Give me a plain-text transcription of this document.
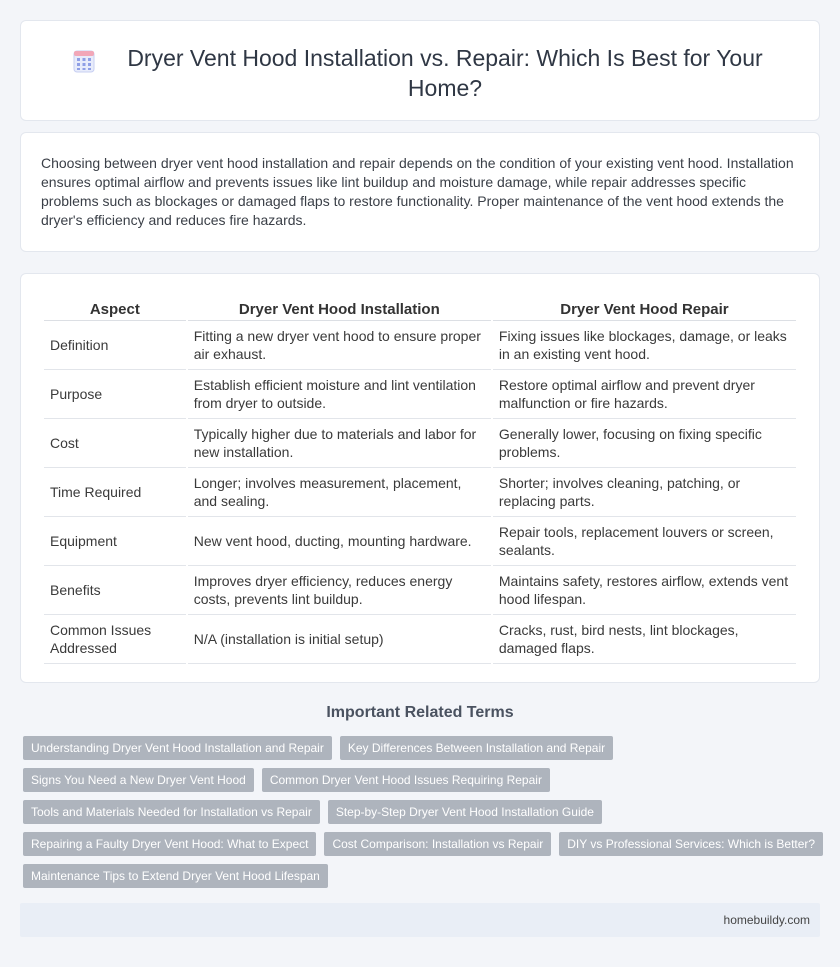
Dryer Vent Hood Installation vs. Repair: Which Is Best for Your Home?

Choosing between dryer vent hood installation and repair depends on the condition of your existing vent hood. Installation ensures optimal airflow and prevents issues like lint buildup and moisture damage, while repair addresses specific problems such as blockages or damaged flaps to restore functionality. Proper maintenance of the vent hood extends the dryer's efficiency and reduces fire hazards.

Aspect	Dryer Vent Hood Installation	Dryer Vent Hood Repair
Definition	Fitting a new dryer vent hood to ensure proper air exhaust.	Fixing issues like blockages, damage, or leaks in an existing vent hood.
Purpose	Establish efficient moisture and lint ventilation from dryer to outside.	Restore optimal airflow and prevent dryer malfunction or fire hazards.
Cost	Typically higher due to materials and labor for new installation.	Generally lower, focusing on fixing specific problems.
Time Required	Longer; involves measurement, placement, and sealing.	Shorter; involves cleaning, patching, or replacing parts.
Equipment	New vent hood, ducting, mounting hardware.	Repair tools, replacement louvers or screen, sealants.
Benefits	Improves dryer efficiency, reduces energy costs, prevents lint buildup.	Maintains safety, restores airflow, extends vent hood lifespan.
Common Issues Addressed	N/A (installation is initial setup)	Cracks, rust, bird nests, lint blockages, damaged flaps.
Important Related Terms
Understanding Dryer Vent Hood Installation and Repair	Key Differences Between Installation and Repair
Signs You Need a New Dryer Vent Hood	Common Dryer Vent Hood Issues Requiring Repair
Tools and Materials Needed for Installation vs Repair	Step-by-Step Dryer Vent Hood Installation Guide
Repairing a Faulty Dryer Vent Hood: What to Expect	Cost Comparison: Installation vs Repair	DIY vs Professional Services: Which is Better?
Maintenance Tips to Extend Dryer Vent Hood Lifespan
homebuildy.com
